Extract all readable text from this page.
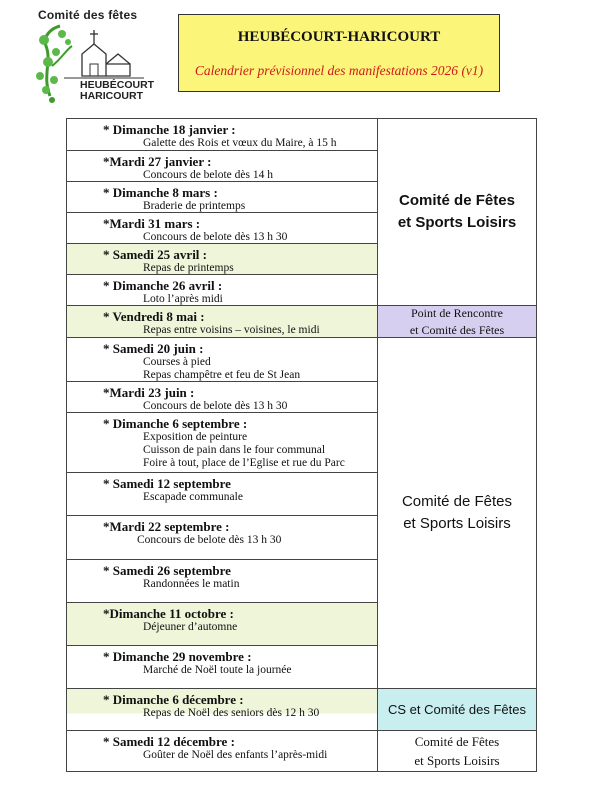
Comité des fêtes
HEUBÉCOURT
HARICOURT
HEUBÉCOURT-HARICOURT
Calendrier prévisionnel des manifestations 2026 (v1)
* Dimanche 18 janvier :
Galette des Rois et vœux du Maire, à 15 h
*Mardi 27 janvier :
Concours de belote dès 14 h
* Dimanche 8 mars :
Braderie de printemps
*Mardi 31 mars :
Concours de belote dès 13 h 30
* Samedi 25 avril :
Repas de printemps
* Dimanche 26 avril :
Loto l’après midi
* Vendredi 8 mai :
Repas entre voisins – voisines, le midi
* Samedi 20 juin :
Courses à pied
Repas champêtre et feu de St Jean
*Mardi 23 juin :
Concours de belote dès 13 h 30
* Dimanche 6 septembre :
Exposition de peinture
Cuisson de pain dans le four communal
Foire à tout, place de l’Eglise et rue du Parc
* Samedi 12 septembre
Escapade communale
*Mardi 22 septembre :
Concours de belote dès 13 h 30
* Samedi 26 septembre
Randonnées le matin
*Dimanche 11 octobre :
Déjeuner d’automne
* Dimanche 29 novembre :
Marché de Noël toute la journée
* Dimanche 6 décembre :
Repas de Noël des seniors dès 12 h 30
* Samedi 12 décembre :
Goûter de Noël des enfants l’après-midi
Comité de Fêtes
et Sports Loisirs
Point de Rencontre
et Comité des Fêtes
Comité de Fêtes
et Sports Loisirs
CS et Comité des Fêtes
Comité de Fêtes
et Sports Loisirs
